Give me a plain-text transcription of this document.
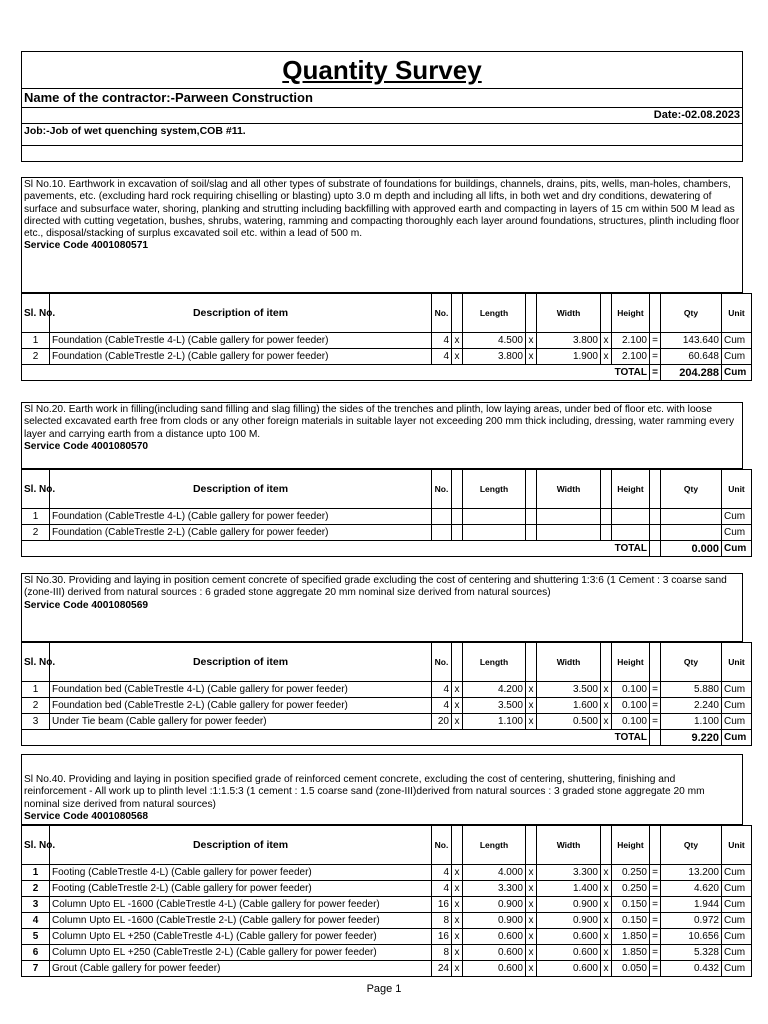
Quantity Survey
Name of the contractor:-Parween Construction
Date:-02.08.2023
Job:-Job of wet quenching system,COB #11.
Sl No.10. Earthwork in excavation of soil/slag and all other types of substrate of foundations for buildings, channels, drains, pits, wells, man-holes, chambers, pavements, etc. (excluding hard rock requiring chiselling or blasting) upto 3.0 m depth and including all lifts, in both wet and dry conditions, dewatering of surface and subsurface water, shoring, planking and strutting including backfilling with approved earth and compacting in layers of 15 cm within 500 M lead as directed with cutting vegetation, bushes, shrubs, watering, ramming and compacting thoroughly each layer around foundations, structures, plinth including floor etc., disposal/stacking of surplus excavated soil etc. within a lead of 500 m.
Service Code 4001080571
Sl. No.	Description of item	No.		Length		Width		Height		Qty	Unit
1	Foundation (CableTrestle 4-L) (Cable gallery for power feeder)	4	x	4.500	x	3.800	x	2.100	=	143.640	Cum
2	Foundation (CableTrestle 2-L) (Cable gallery for power feeder)	4	x	3.800	x	1.900	x	2.100	=	60.648	Cum
TOTAL									=	204.288	Cum
Sl No.20. Earth work in filling(including sand filling and slag filling) the sides of the trenches and plinth, low laying areas, under bed of floor etc. with loose selected excavated earth free from clods or any other foreign materials in suitable layer not exceeding 200 mm thick including, dressing, water ramming every layer and carrying earth from a distance upto 100 M.
Service Code 4001080570
Sl. No.	Description of item	No.		Length		Width		Height		Qty	Unit
1	Foundation (CableTrestle 4-L) (Cable gallery for power feeder)										Cum
2	Foundation (CableTrestle 2-L) (Cable gallery for power feeder)										Cum
TOTAL										0.000	Cum
Sl No.30. Providing and laying in position cement concrete of specified grade excluding the cost of centering and shuttering 1:3:6 (1 Cement : 3 coarse sand (zone-III) derived from natural sources : 6 graded stone aggregate 20 mm nominal size derived from natural sources)
Service Code 4001080569
Sl. No.	Description of item	No.		Length		Width		Height		Qty	Unit
1	Foundation bed (CableTrestle 4-L) (Cable gallery for power feeder)	4	x	4.200	x	3.500	x	0.100	=	5.880	Cum
2	Foundation bed (CableTrestle 2-L) (Cable gallery for power feeder)	4	x	3.500	x	1.600	x	0.100	=	2.240	Cum
3	Under Tie beam (Cable gallery for power feeder)	20	x	1.100	x	0.500	x	0.100	=	1.100	Cum
TOTAL										9.220	Cum
Sl No.40. Providing and laying in position specified grade of reinforced cement concrete, excluding the cost of centering, shuttering, finishing and reinforcement - All work up to plinth level :1:1.5:3 (1 cement : 1.5 coarse sand (zone-III)derived from natural sources : 3 graded stone aggregate 20 mm nominal size derived from natural sources)
Service Code 4001080568
Sl. No.	Description of item	No.		Length		Width		Height		Qty	Unit
1	Footing (CableTrestle 4-L) (Cable gallery for power feeder)	4	x	4.000	x	3.300	x	0.250	=	13.200	Cum
2	Footing (CableTrestle 2-L) (Cable gallery for power feeder)	4	x	3.300	x	1.400	x	0.250	=	4.620	Cum
3	Column Upto EL -1600 (CableTrestle 4-L) (Cable gallery for power feeder)	16	x	0.900	x	0.900	x	0.150	=	1.944	Cum
4	Column Upto EL -1600 (CableTrestle 2-L) (Cable gallery for power feeder)	8	x	0.900	x	0.900	x	0.150	=	0.972	Cum
5	Column Upto EL +250 (CableTrestle 4-L) (Cable gallery for power feeder)	16	x	0.600	x	0.600	x	1.850	=	10.656	Cum
6	Column Upto EL +250 (CableTrestle 2-L) (Cable gallery for power feeder)	8	x	0.600	x	0.600	x	1.850	=	5.328	Cum
7	Grout (Cable gallery for power feeder)	24	x	0.600	x	0.600	x	0.050	=	0.432	Cum
Page 1
